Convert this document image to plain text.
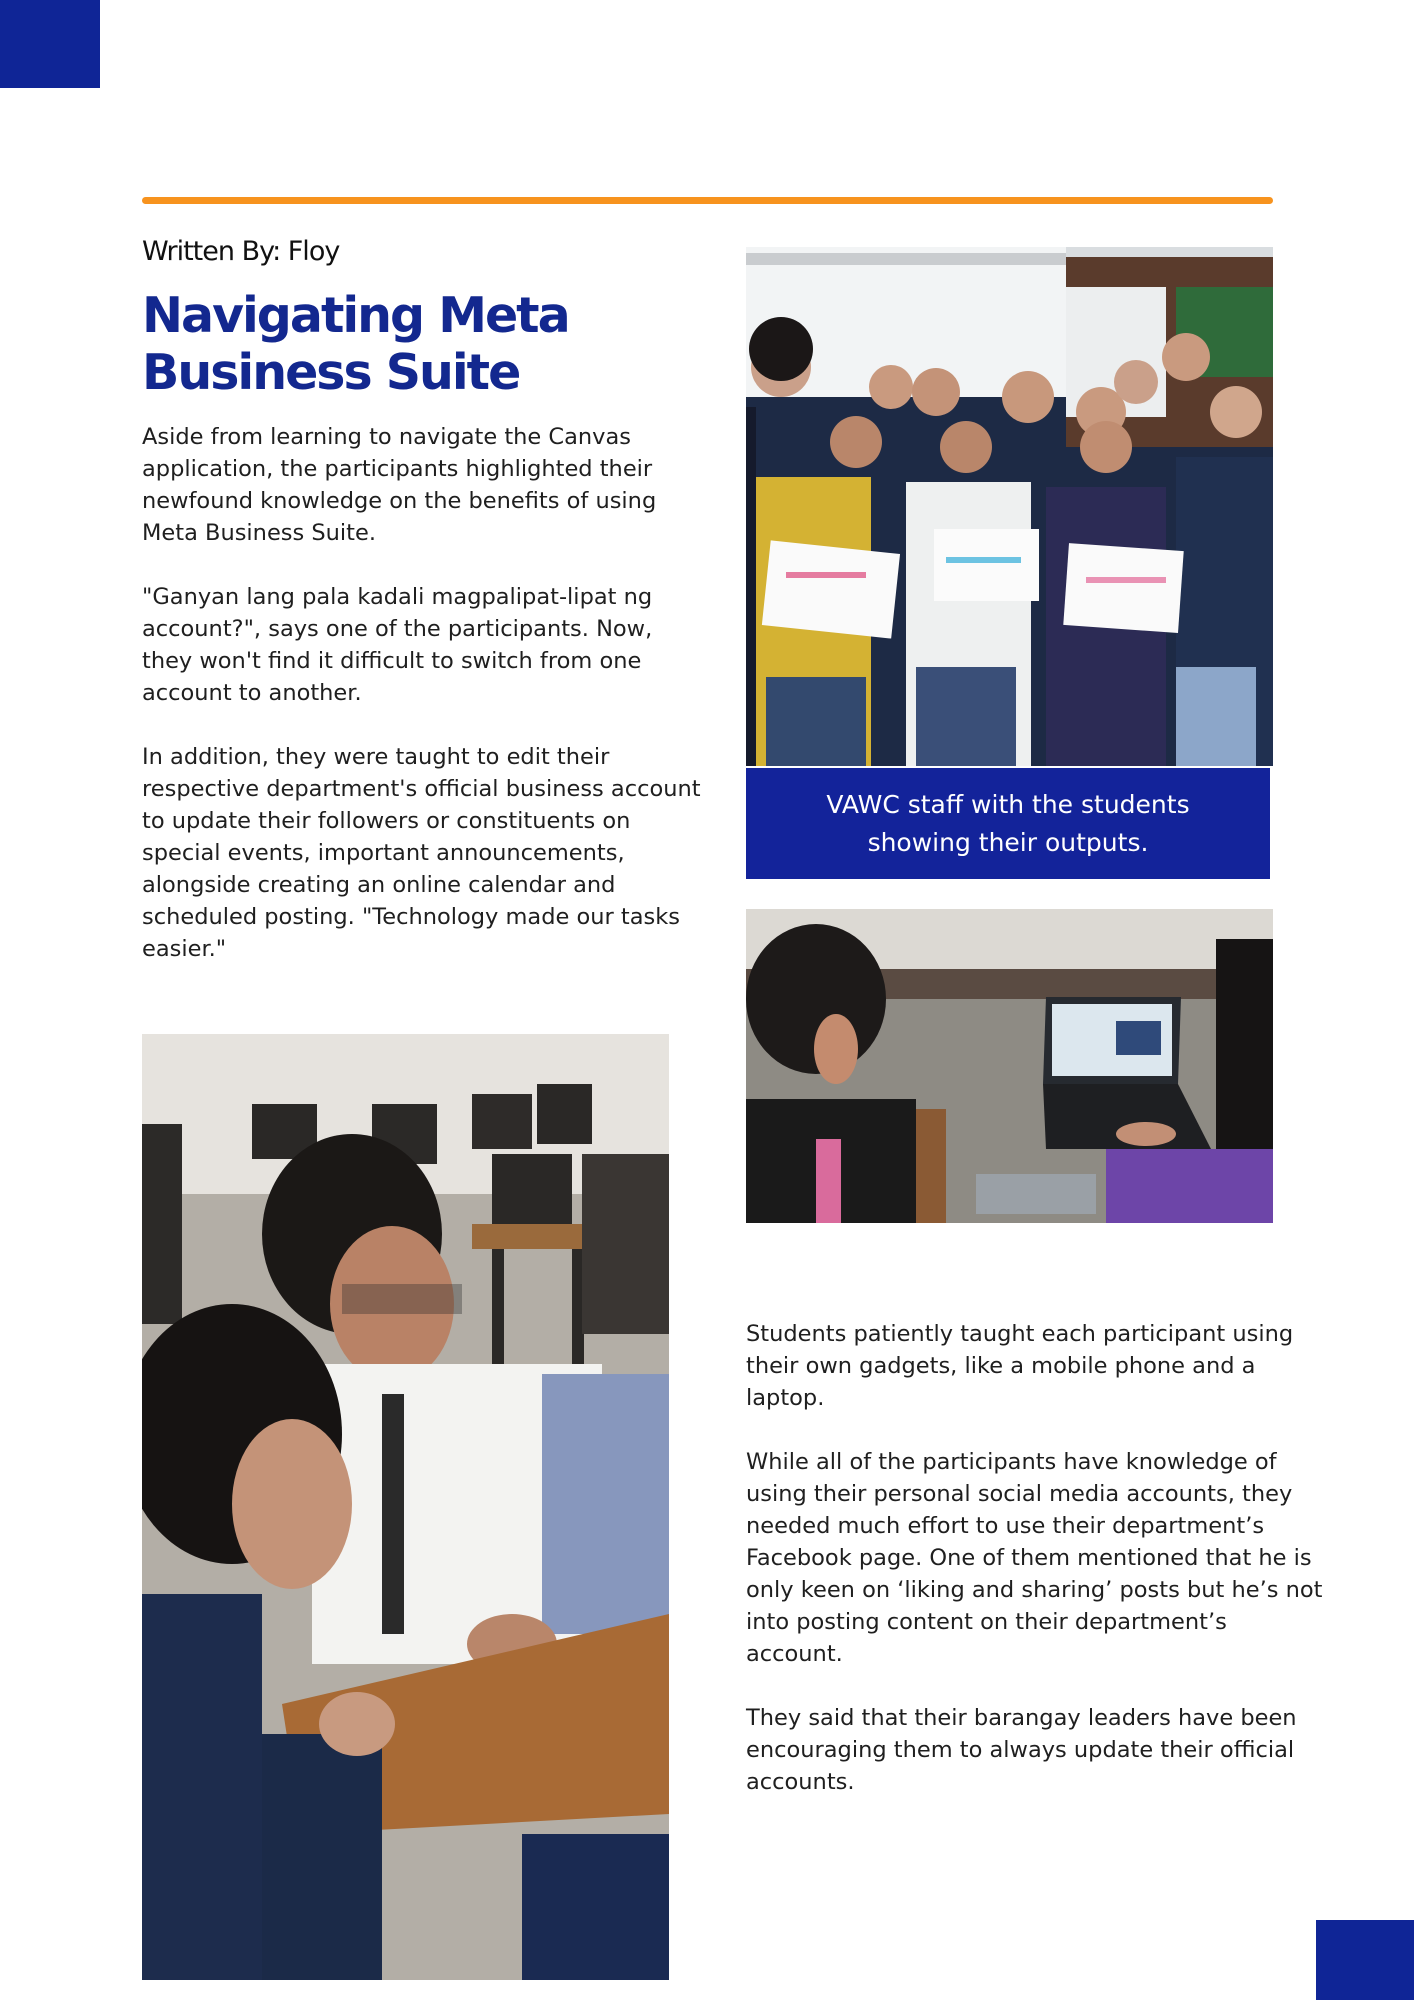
Written By: Floy
Navigating Meta Business Suite

Aside from learning to navigate the Canvas application, the participants highlighted their newfound knowledge on the benefits of using Meta Business Suite.

"Ganyan lang pala kadali magpalipat-lipat ng account?", says one of the participants. Now, they won't find it difficult to switch from one account to another.

In addition, they were taught to edit their respective department's official business account to update their followers or constituents on special events, important announcements, alongside creating an online calendar and scheduled posting. "Technology made our tasks easier."

VAWC staff with the students showing their outputs.

Students patiently taught each participant using their own gadgets, like a mobile phone and a laptop.

While all of the participants have knowledge of using their personal social media accounts, they needed much effort to use their department’s Facebook page. One of them mentioned that he is only keen on ‘liking and sharing’ posts but he’s not into posting content on their department’s account.

They said that their barangay leaders have been encouraging them to always update their official accounts.
